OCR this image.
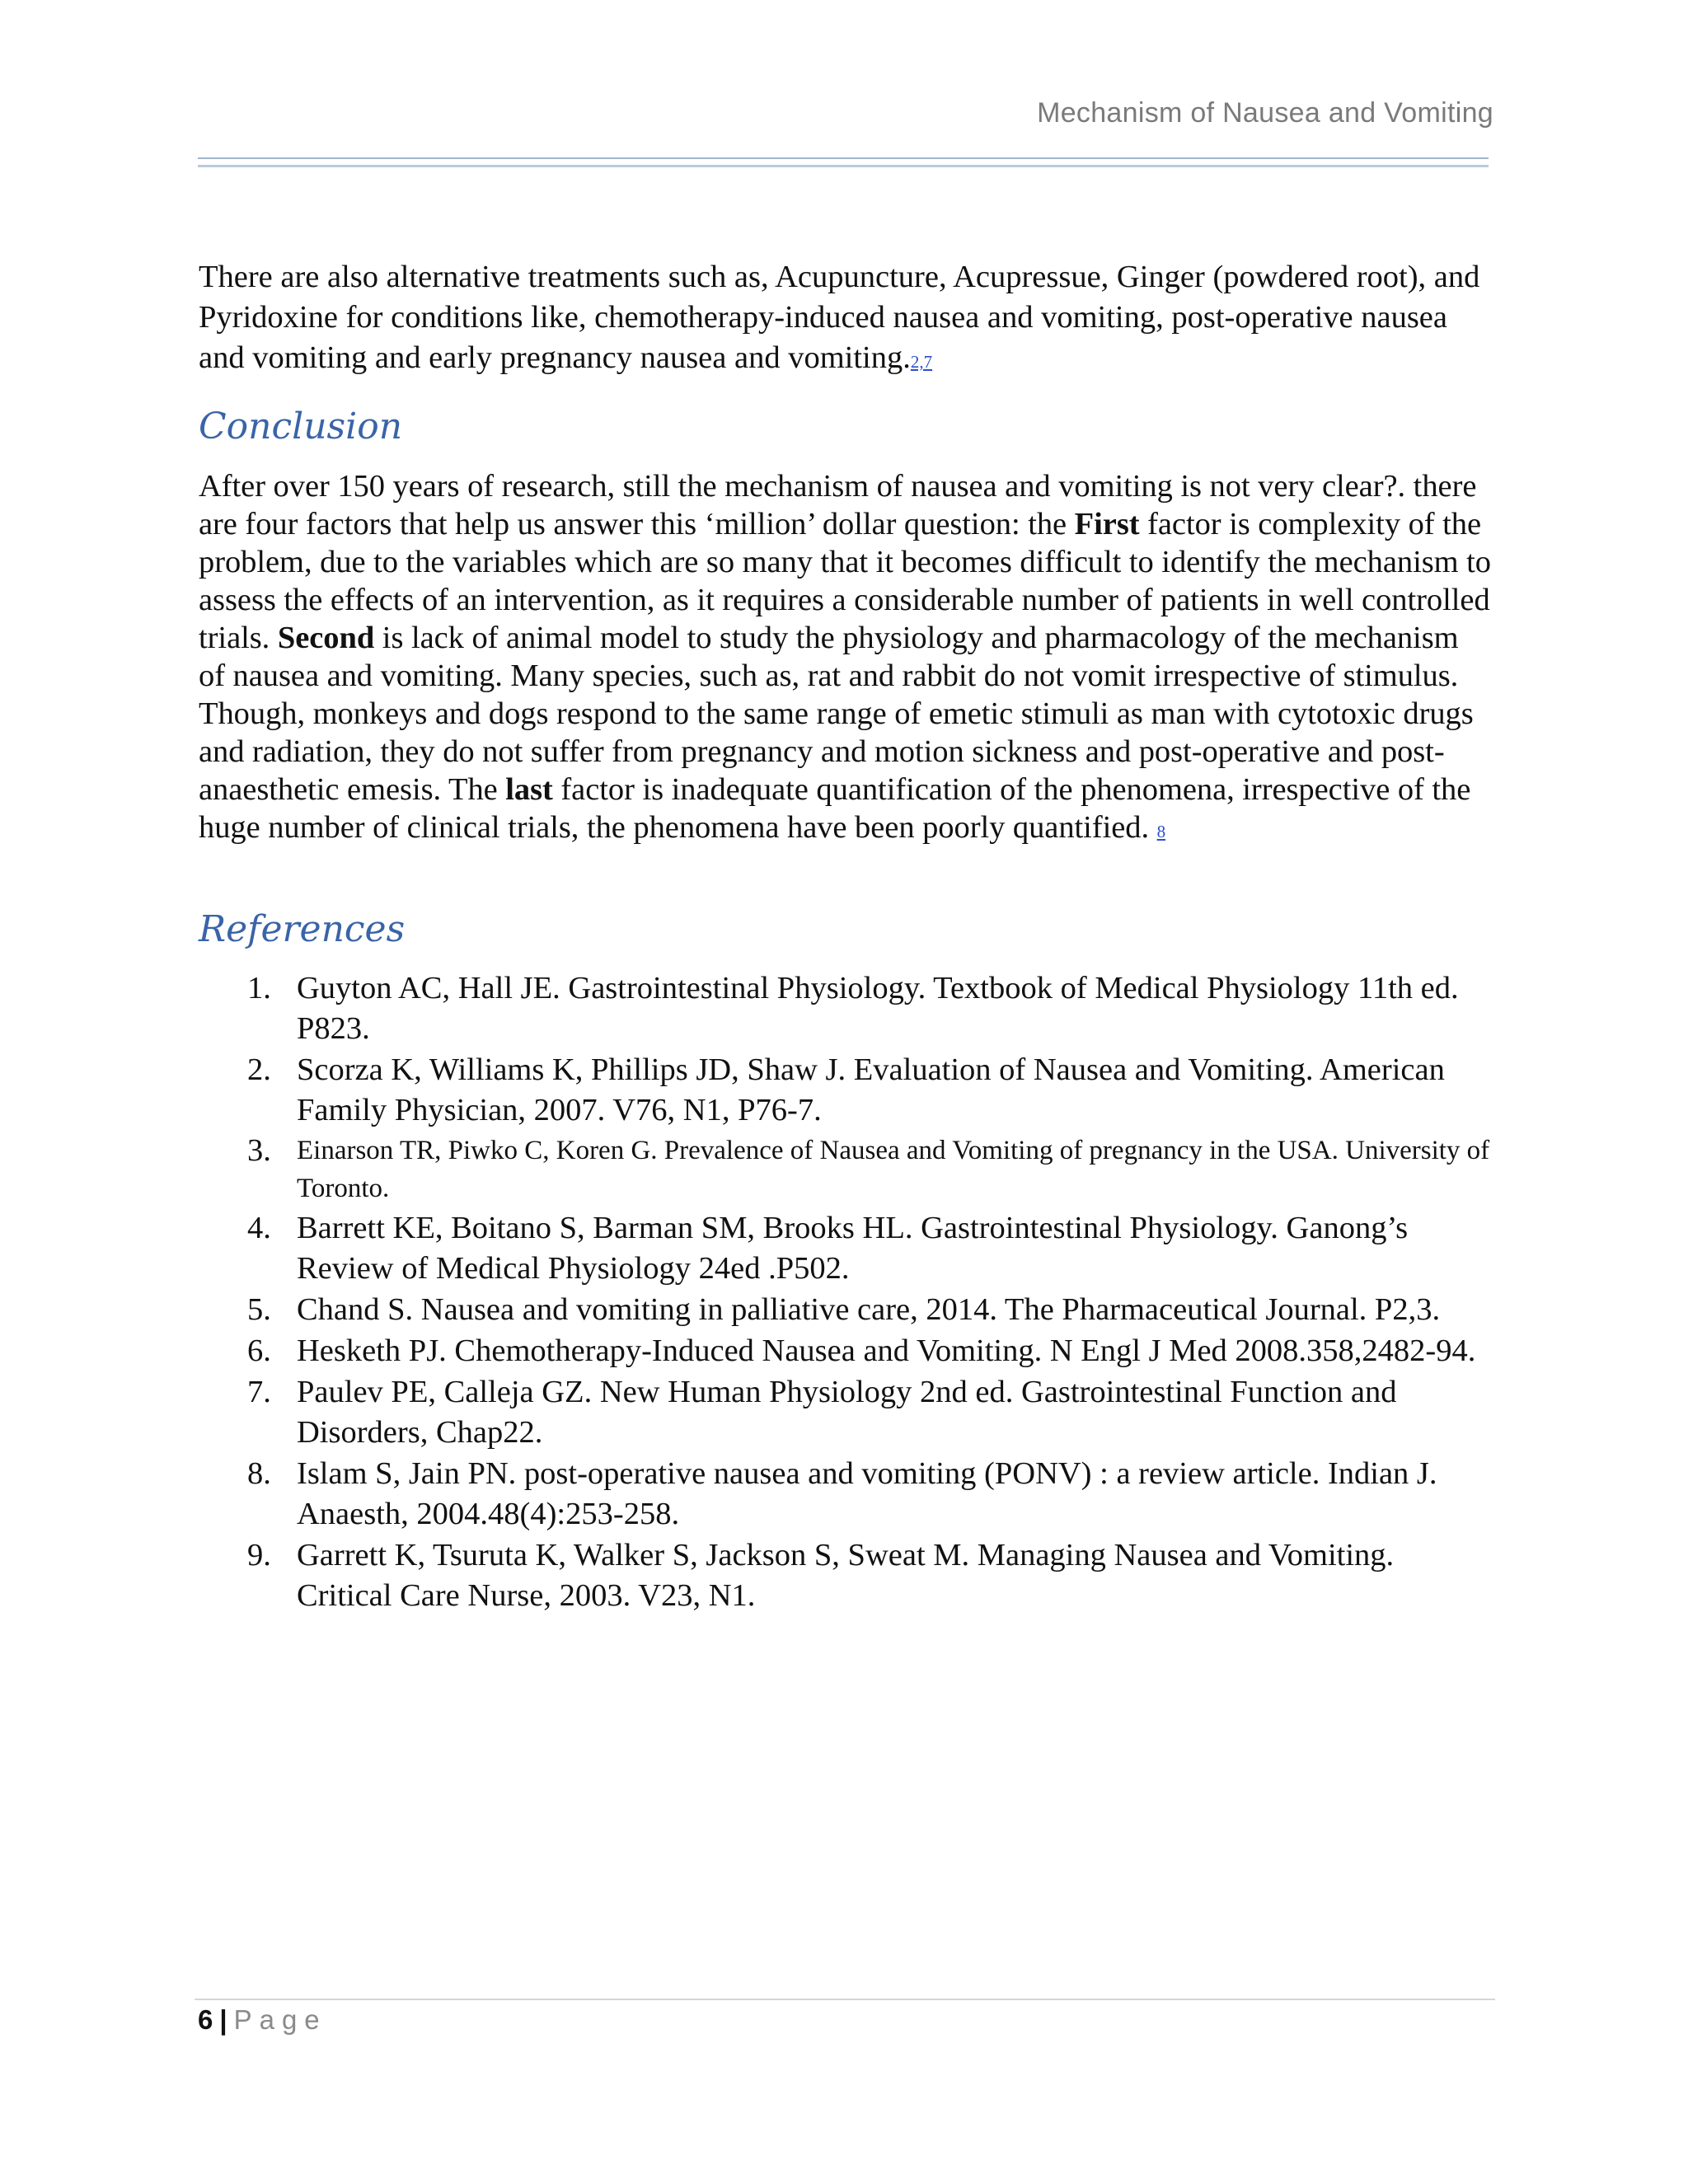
Mechanism of Nausea and Vomiting

There are also alternative treatments such as, Acupuncture, Acupressue, Ginger (powdered root), and Pyridoxine for conditions like, chemotherapy-induced nausea and vomiting, post-operative nausea and vomiting and early pregnancy nausea and vomiting.2,7

Conclusion

After over 150 years of research, still the mechanism of nausea and vomiting is not very clear?. there are four factors that help us answer this ‘million’ dollar question: the First factor is complexity of the problem, due to the variables which are so many that it becomes difficult to identify the mechanism to assess the effects of an intervention, as it requires a considerable number of patients in well controlled trials. Second is lack of animal model to study the physiology and pharmacology of the mechanism of nausea and vomiting. Many species, such as, rat and rabbit do not vomit irrespective of stimulus. Though, monkeys and dogs respond to the same range of emetic stimuli as man with cytotoxic drugs and radiation, they do not suffer from pregnancy and motion sickness and post-operative and post-anaesthetic emesis. The last factor is inadequate quantification of the phenomena, irrespective of the huge number of clinical trials, the phenomena have been poorly quantified. 8

References
1. Guyton AC, Hall JE. Gastrointestinal Physiology. Textbook of Medical Physiology 11th ed. P823.
2. Scorza K, Williams K, Phillips JD, Shaw J. Evaluation of Nausea and Vomiting. American Family Physician, 2007. V76, N1, P76-7.
3. Einarson TR, Piwko C, Koren G. Prevalence of Nausea and Vomiting of pregnancy in the USA. University of Toronto.
4. Barrett KE, Boitano S, Barman SM, Brooks HL. Gastrointestinal Physiology. Ganong’s Review of Medical Physiology 24ed .P502.
5. Chand S. Nausea and vomiting in palliative care, 2014. The Pharmaceutical Journal. P2,3.
6. Hesketh PJ. Chemotherapy-Induced Nausea and Vomiting. N Engl J Med 2008.358,2482-94.
7. Paulev PE, Calleja GZ. New Human Physiology 2nd ed. Gastrointestinal Function and Disorders, Chap22.
8. Islam S, Jain PN. post-operative nausea and vomiting (PONV) : a review article. Indian J. Anaesth, 2004.48(4):253-258.
9. Garrett K, Tsuruta K, Walker S, Jackson S, Sweat M. Managing Nausea and Vomiting. Critical Care Nurse, 2003. V23, N1.
6 | Page
